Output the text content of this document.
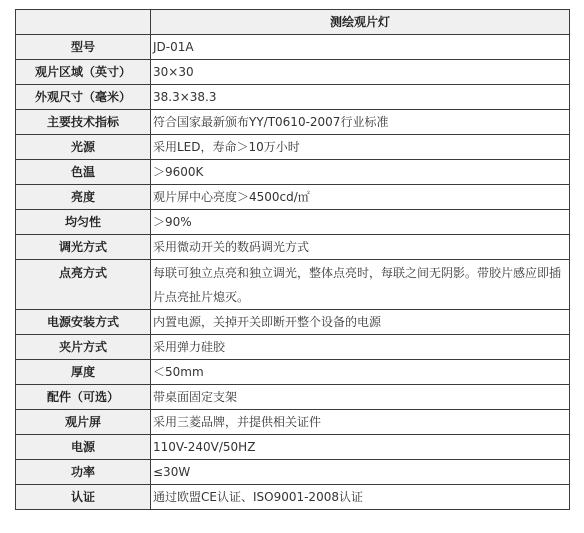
	测绘观片灯
型号	JD-01A
观片区域（英寸）	30×30
外观尺寸（毫米）	38.3×38.3
主要技术指标	符合国家最新颁布YY/T0610-2007行业标准
光源	采用LED，寿命＞10万小时
色温	＞9600K
亮度	观片屏中心亮度＞4500cd/㎡
均匀性	＞90%
调光方式	采用微动开关的数码调光方式
点亮方式	每联可独立点亮和独立调光，整体点亮时，每联之间无阴影。带胶片感应即插片点亮扯片熄灭。
电源安装方式	内置电源，关掉开关即断开整个设备的电源
夹片方式	采用弹力硅胶
厚度	＜50mm
配件（可选）	带桌面固定支架
观片屏	采用三菱品牌，并提供相关证件
电源	110V-240V/50HZ
功率	≤30W
认证	通过欧盟CE认证、ISO9001-2008认证
